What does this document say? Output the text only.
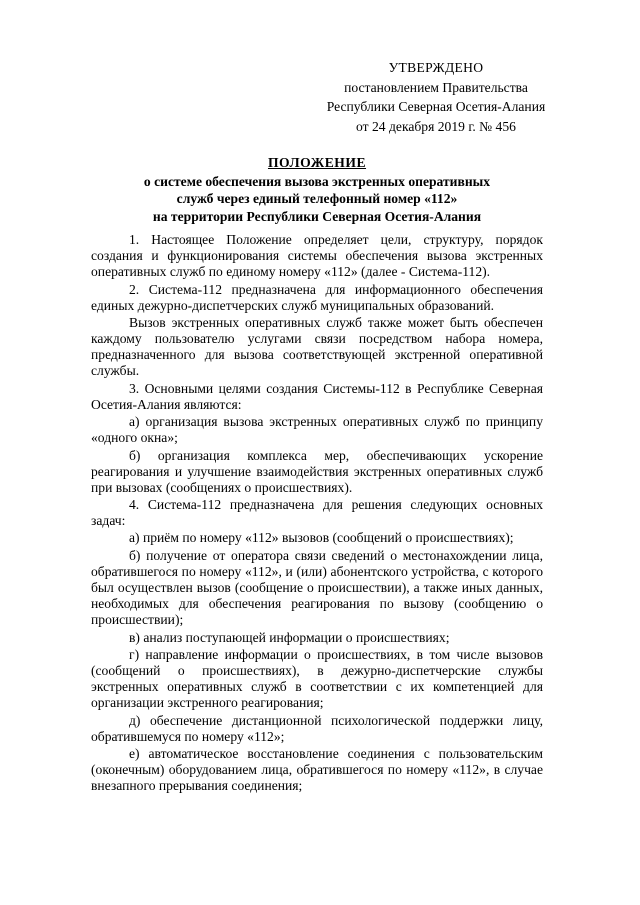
УТВЕРЖДЕНО
постановлением Правительства
Республики Северная Осетия-Алания
от 24 декабря 2019 г. № 456
ПОЛОЖЕНИЕ
о системе обеспечения вызова экстренных оперативных
служб через единый телефонный номер «112»
на территории Республики Северная Осетия-Алания

1. Настоящее Положение определяет цели, структуру, порядок создания и функционирования системы обеспечения вызова экстренных оперативных служб по единому номеру «112» (далее - Система-112).

2. Система-112 предназначена для информационного обеспечения единых дежурно-диспетчерских служб муниципальных образований.

Вызов экстренных оперативных служб также может быть обеспечен каждому пользователю услугами связи посредством набора номера, предназначенного для вызова соответствующей экстренной оперативной службы.

3. Основными целями создания Системы-112 в Республике Северная Осетия-Алания являются:

а) организация вызова экстренных оперативных служб по принципу «одного окна»;

б) организация комплекса мер, обеспечивающих ускорение реагирования и улучшение взаимодействия экстренных оперативных служб при вызовах (сообщениях о происшествиях).

4. Система-112 предназначена для решения следующих основных задач:

а) приём по номеру «112» вызовов (сообщений о происшествиях);

б) получение от оператора связи сведений о местонахождении лица, обратившегося по номеру «112», и (или) абонентского устройства, с которого был осуществлен вызов (сообщение о происшествии), а также иных данных, необходимых для обеспечения реагирования по вызову (сообщению о происшествии);

в) анализ поступающей информации о происшествиях;

г) направление информации о происшествиях, в том числе вызовов (сообщений о происшествиях), в дежурно-диспетчерские службы экстренных оперативных служб в соответствии с их компетенцией для организации экстренного реагирования;

д) обеспечение дистанционной психологической поддержки лицу, обратившемуся по номеру «112»;

е) автоматическое восстановление соединения с пользовательским (оконечным) оборудованием лица, обратившегося по номеру «112», в случае внезапного прерывания соединения;
